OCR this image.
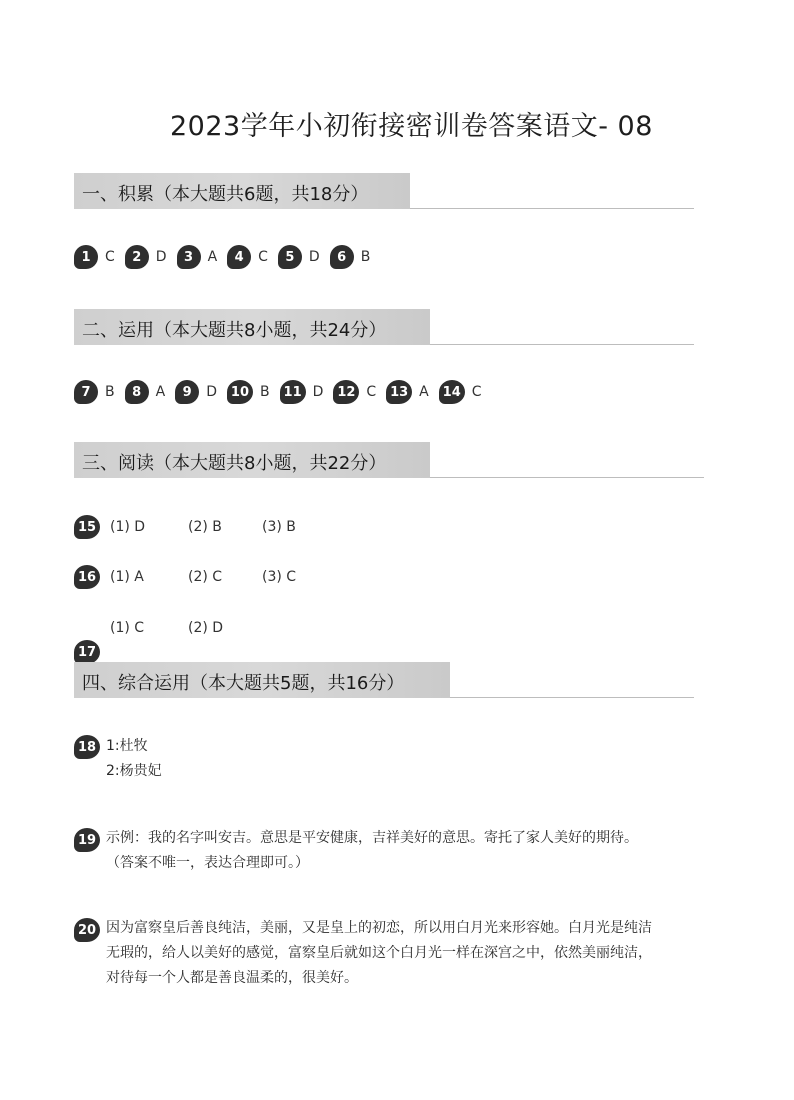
2023学年小初衔接密训卷答案语文- 08
一、积累（本大题共6题，共18分）
1	C	2	D	3	A	4	C	5	D	6	B
二、运用（本大题共8小题，共24分）
7	B	8	A	9	D	10 B	11 D	12 C	13 A	14 C
三、阅读（本大题共8小题，共22分）
15 (1) D	(2) B	(3) B
16 (1) A	(2) C	(3) C
(1) C	(2) D
17
四、综合运用（本大题共5题，共16分）
18 1:杜牧
2:杨贵妃
19 示例：我的名字叫安吉。意思是平安健康，吉祥美好的意思。寄托了家人美好的期待。
（答案不唯一，表达合理即可。）
20 因为富察皇后善良纯洁，美丽，又是皇上的初恋，所以用白月光来形容她。白月光是纯洁
无瑕的，给人以美好的感觉，富察皇后就如这个白月光一样在深宫之中，依然美丽纯洁，
对待每一个人都是善良温柔的，很美好。
